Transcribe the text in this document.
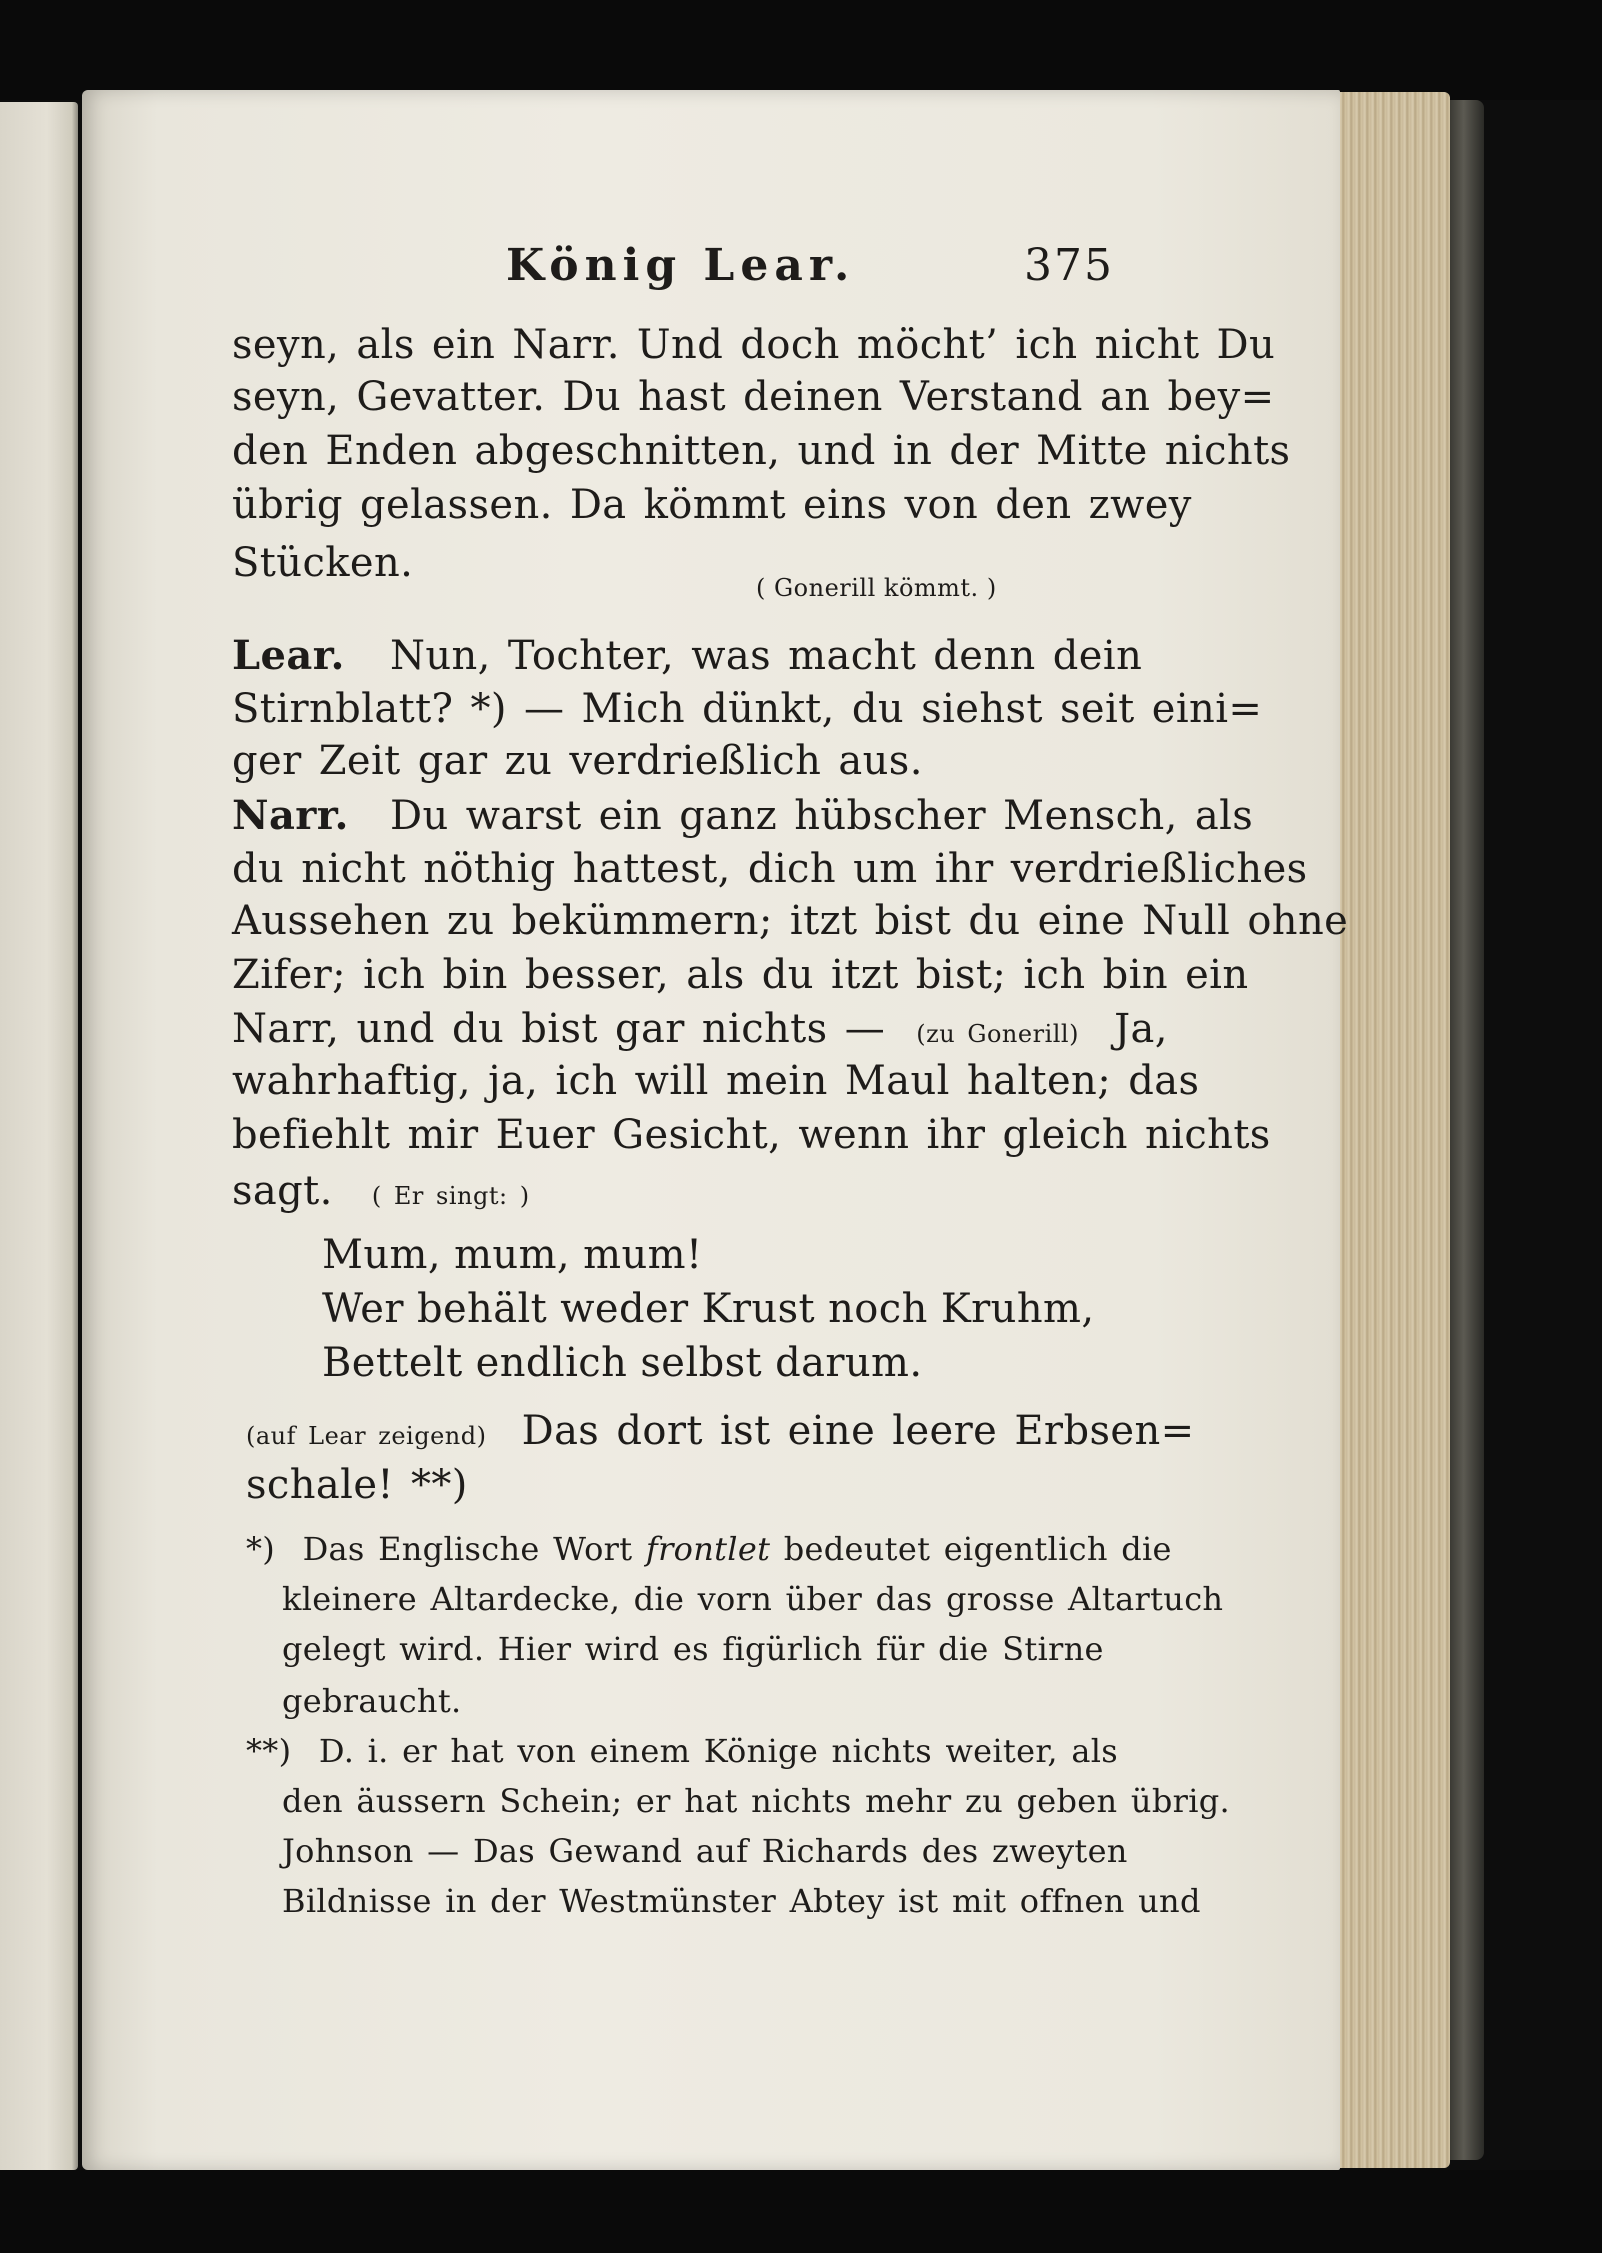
König Lear.	375
seyn, als ein Narr. Und doch möcht’ ich nicht Du
seyn, Gevatter. Du hast deinen Verstand an bey=
den Enden abgeschnitten, und in der Mitte nichts
übrig gelassen. Da kömmt eins von den zwey
Stücken.
( Gonerill kömmt. )
Lear. Nun, Tochter, was macht denn dein
Stirnblatt? *) — Mich dünkt, du siehst seit eini=
ger Zeit gar zu verdrießlich aus.
Narr. Du warst ein ganz hübscher Mensch, als
du nicht nöthig hattest, dich um ihr verdrießliches
Aussehen zu bekümmern; itzt bist du eine Null ohne
Zifer; ich bin besser, als du itzt bist; ich bin ein
Narr, und du bist gar nichts — (zu Gonerill) Ja,
wahrhaftig, ja, ich will mein Maul halten; das
befiehlt mir Euer Gesicht, wenn ihr gleich nichts
sagt. ( Er singt: )
Mum, mum, mum!
Wer behält weder Krust noch Kruhm,
Bettelt endlich selbst darum.
(auf Lear zeigend) Das dort ist eine leere Erbsen=
schale! **)
*) Das Englische Wort frontlet bedeutet eigentlich die
kleinere Altardecke, die vorn über das grosse Altartuch
gelegt wird. Hier wird es figürlich für die Stirne
gebraucht.
**) D. i. er hat von einem Könige nichts weiter, als
den äussern Schein; er hat nichts mehr zu geben übrig.
Johnson — Das Gewand auf Richards des zweyten
Bildnisse in der Westmünster Abtey ist mit offnen und
